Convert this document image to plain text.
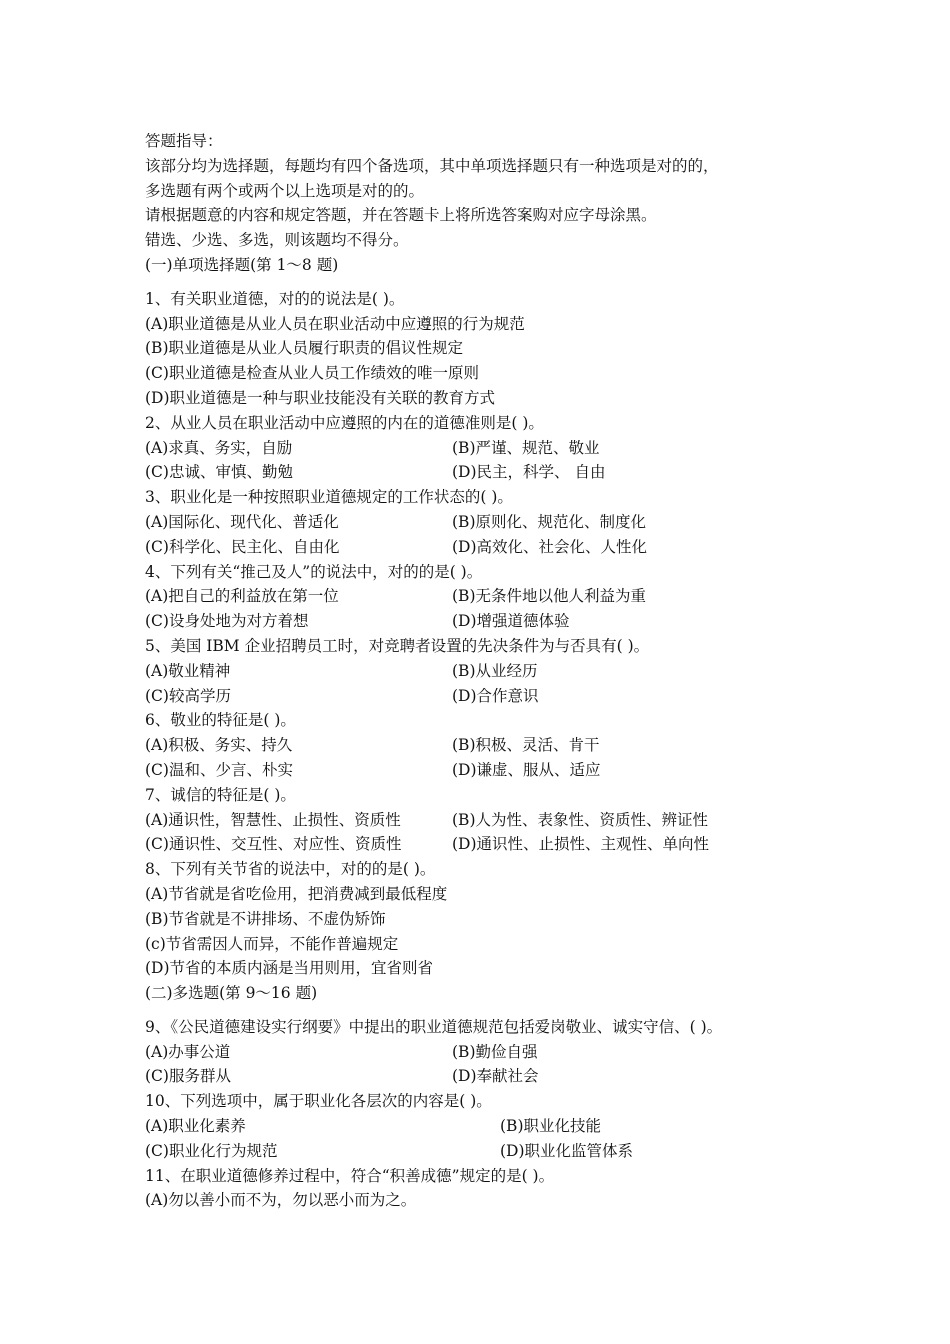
答题指导：
该部分均为选择题，每题均有四个备选项，其中单项选择题只有一种选项是对的的，
多选题有两个或两个以上选项是对的的。
请根据题意的内容和规定答题，并在答题卡上将所选答案购对应字母涂黑。
错选、少选、多选，则该题均不得分。
(一)单项选择题(第 1～8 题)
1、有关职业道德，对的的说法是( )。
(A)职业道德是从业人员在职业活动中应遵照的行为规范
(B)职业道德是从业人员履行职责的倡议性规定
(C)职业道德是检查从业人员工作绩效的唯一原则
(D)职业道德是一种与职业技能没有关联的教育方式
2、从业人员在职业活动中应遵照的内在的道德准则是( )。
(A)求真、务实，自励	(B)严谨、规范、敬业
(C)忠诚、审慎、勤勉	(D)民主，科学、 自由
3、职业化是一种按照职业道德规定的工作状态的( )。
(A)国际化、现代化、普适化	(B)原则化、规范化、制度化
(C)科学化、民主化、自由化	(D)高效化、社会化、人性化
4、下列有关“推己及人”的说法中，对的的是( )。
(A)把自己的利益放在第一位	(B)无条件地以他人利益为重
(C)设身处地为对方着想	(D)增强道德体验
5、美国 IBM 企业招聘员工时，对竞聘者设置的先决条件为与否具有( )。
(A)敬业精神	(B)从业经历
(C)较高学历	(D)合作意识
6、敬业的特征是( )。
(A)积极、务实、持久	(B)积极、灵活、肯干
(C)温和、少言、朴实	(D)谦虚、服从、适应
7、诚信的特征是( )。
(A)通识性，智慧性、止损性、资质性	(B)人为性、表象性、资质性、辨证性
(C)通识性、交互性、对应性、资质性	(D)通识性、止损性、主观性、单向性
8、下列有关节省的说法中，对的的是( )。
(A)节省就是省吃俭用，把消费减到最低程度
(B)节省就是不讲排场、不虚伪矫饰
(c)节省需因人而异，不能作普遍规定
(D)节省的本质内涵是当用则用，宜省则省
(二)多选题(第 9～16 题)
9、《公民道德建设实行纲要》中提出的职业道德规范包括爱岗敬业、诚实守信、( )。
(A)办事公道	(B)勤俭自强
(C)服务群从	(D)奉献社会
10、下列选项中，属于职业化各层次的内容是( )。
(A)职业化素养	(B)职业化技能
(C)职业化行为规范	(D)职业化监管体系
11、在职业道德修养过程中，符合“积善成德”规定的是( )。
(A)勿以善小而不为，勿以恶小而为之。
